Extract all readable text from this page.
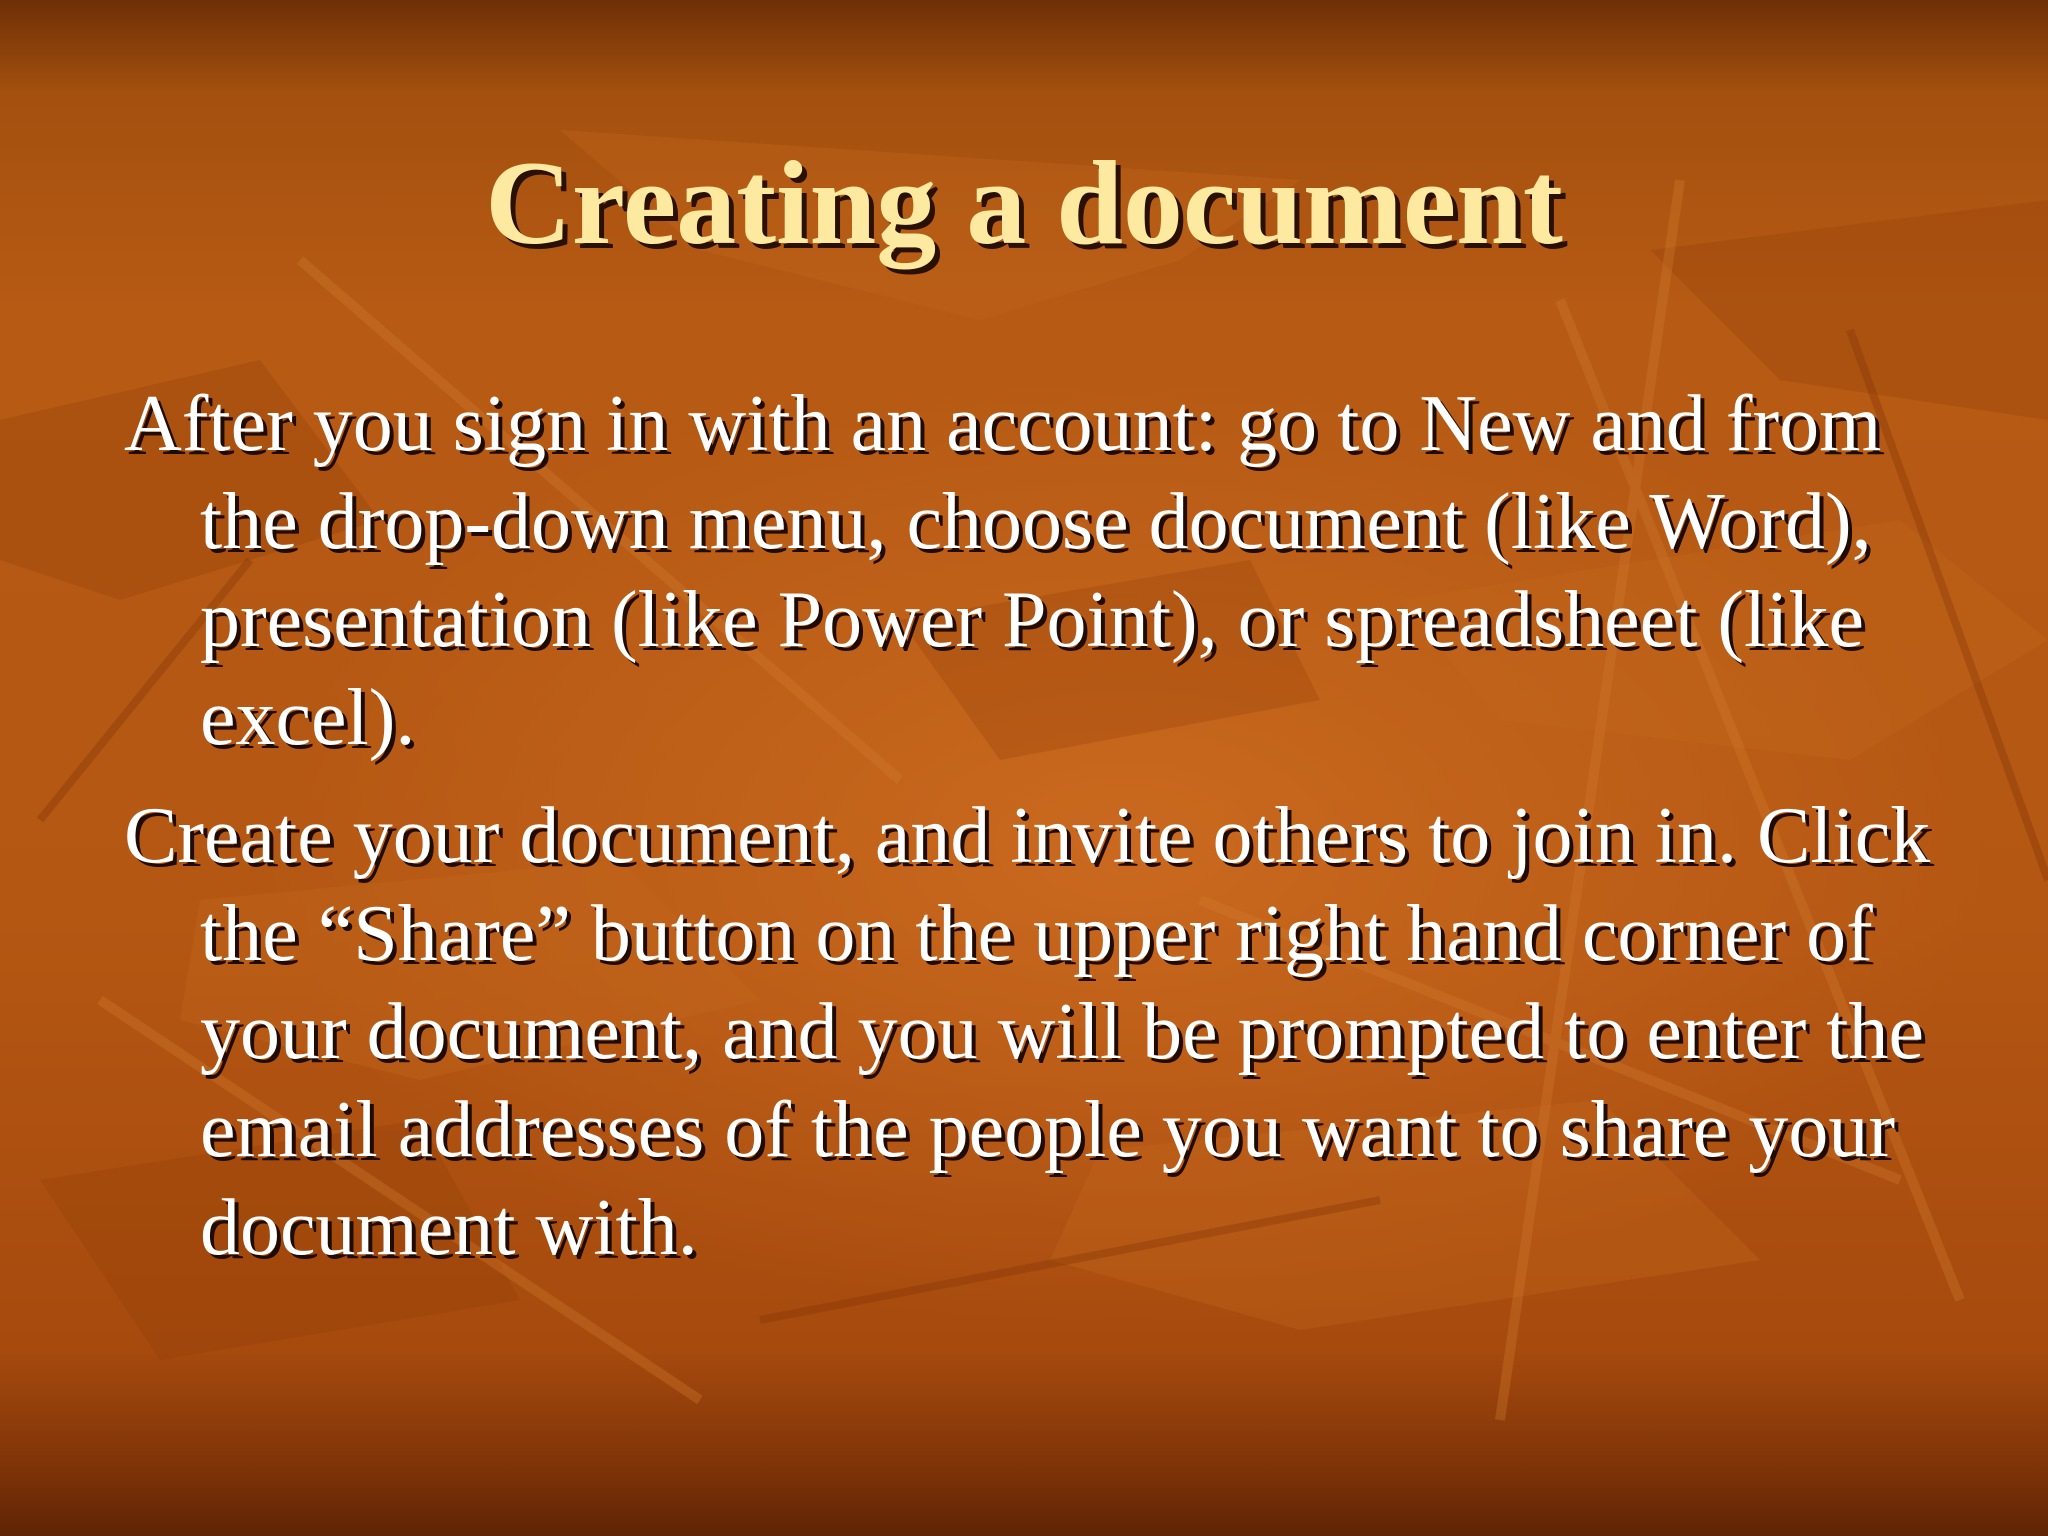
Creating a document
After you sign in with an account: go to New and from the drop-down menu, choose document (like Word), presentation (like Power Point), or spreadsheet (like excel).
Create your document, and invite others to join in. Click the “Share” button on the upper right hand corner of your document, and you will be prompted to enter the email addresses of the people you want to share your document with.
